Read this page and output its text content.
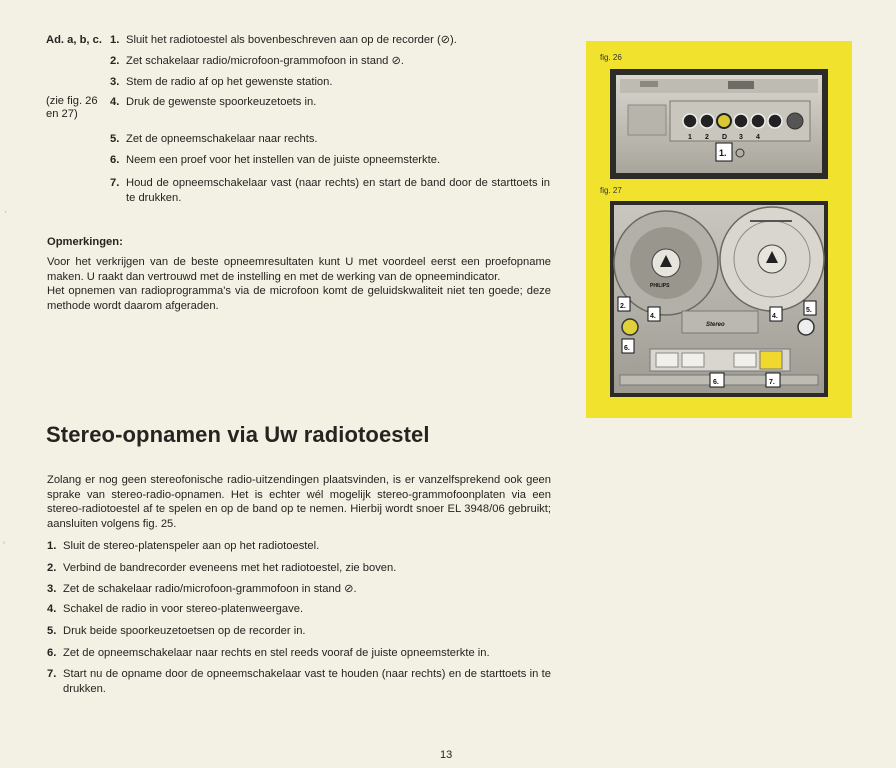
Ad. a, b, c.
(zie fig. 26 en 27)
1. Sluit het radiotoestel als bovenbeschreven aan op de recorder (⊘).
2. Zet schakelaar radio/microfoon-grammofoon in stand ⊘.
3. Stem de radio af op het gewenste station.
4. Druk de gewenste spoorkeuzetoets in.
5. Zet de opneemschakelaar naar rechts.
6. Neem een proef voor het instellen van de juiste opneemsterkte.
7. Houd de opneemschakelaar vast (naar rechts) en start de band door de starttoets in te drukken.
Opmerkingen:

Voor het verkrijgen van de beste opneemresultaten kunt U met voordeel eerst een proefopname maken. U raakt dan vertrouwd met de instelling en met de werking van de opneemindicator.

Het opnemen van radioprogramma's via de microfoon komt de geluidskwaliteit niet ten goede; deze methode wordt daarom afgeraden.

Stereo-opnamen via Uw radiotoestel
Zolang er nog geen stereofonische radio-uitzendingen plaatsvinden, is er vanzelfsprekend ook geen sprake van stereo-radio-opnamen. Het is echter wél mogelijk stereo-grammofoonplaten via een stereo-radiotoestel af te spelen en op de band op te nemen. Hierbij wordt snoer EL 3948/06 gebruikt; aansluiten volgens fig. 25.
1. Sluit de stereo-platenspeler aan op het radiotoestel.
2. Verbind de bandrecorder eveneens met het radiotoestel, zie boven.
3. Zet de schakelaar radio/microfoon-grammofoon in stand ⊘.
4. Schakel de radio in voor stereo-platenweergave.
5. Druk beide spoorkeuzetoetsen op de recorder in.
6. Zet de opneemschakelaar naar rechts en stel reeds vooraf de juiste opneemsterkte in.
7. Start nu de opname door de opneemschakelaar vast te houden (naar rechts) en de starttoets in te drukken.
13
ˋ
‘
fig. 26
1 2 D 3 4
1.
fig. 27
PHILIPS
Stereo
2.
4.
5.
4.
6.
6.	7.
